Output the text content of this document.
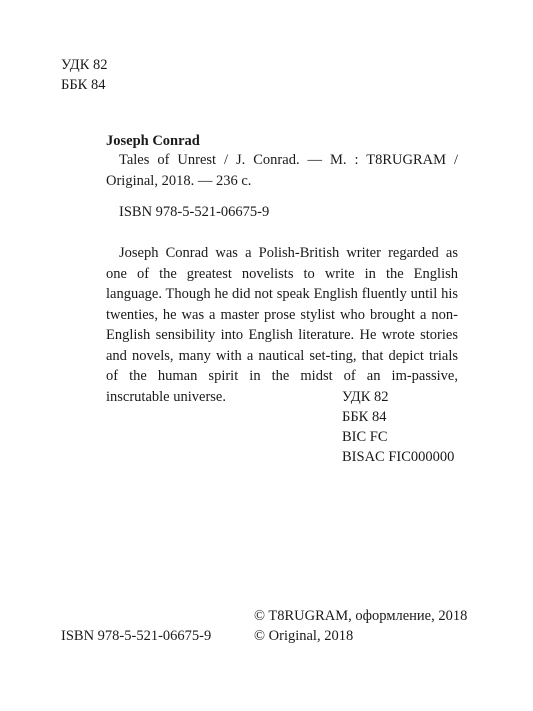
УДК 82
ББК 84
Joseph Conrad
Tales of Unrest / J. Conrad. — M. : T8RUGRAM / Original, 2018. — 236 с.
ISBN 978-5-521-06675-9
Joseph Conrad was a Polish-British writer regarded as one of the greatest novelists to write in the English language. Though he did not speak English fluently until his twenties, he was a master prose stylist who brought a non-English sensibility into English literature. He wrote stories and novels, many with a nautical set-ting, that depict trials of the human spirit in the midst of an im-passive, inscrutable universe.	УДК 82
ББК 84
BIC FC
BISAC FIC000000
ISBN 978-5-521-06675-9
© T8RUGRAM, оформление, 2018
© Original, 2018
